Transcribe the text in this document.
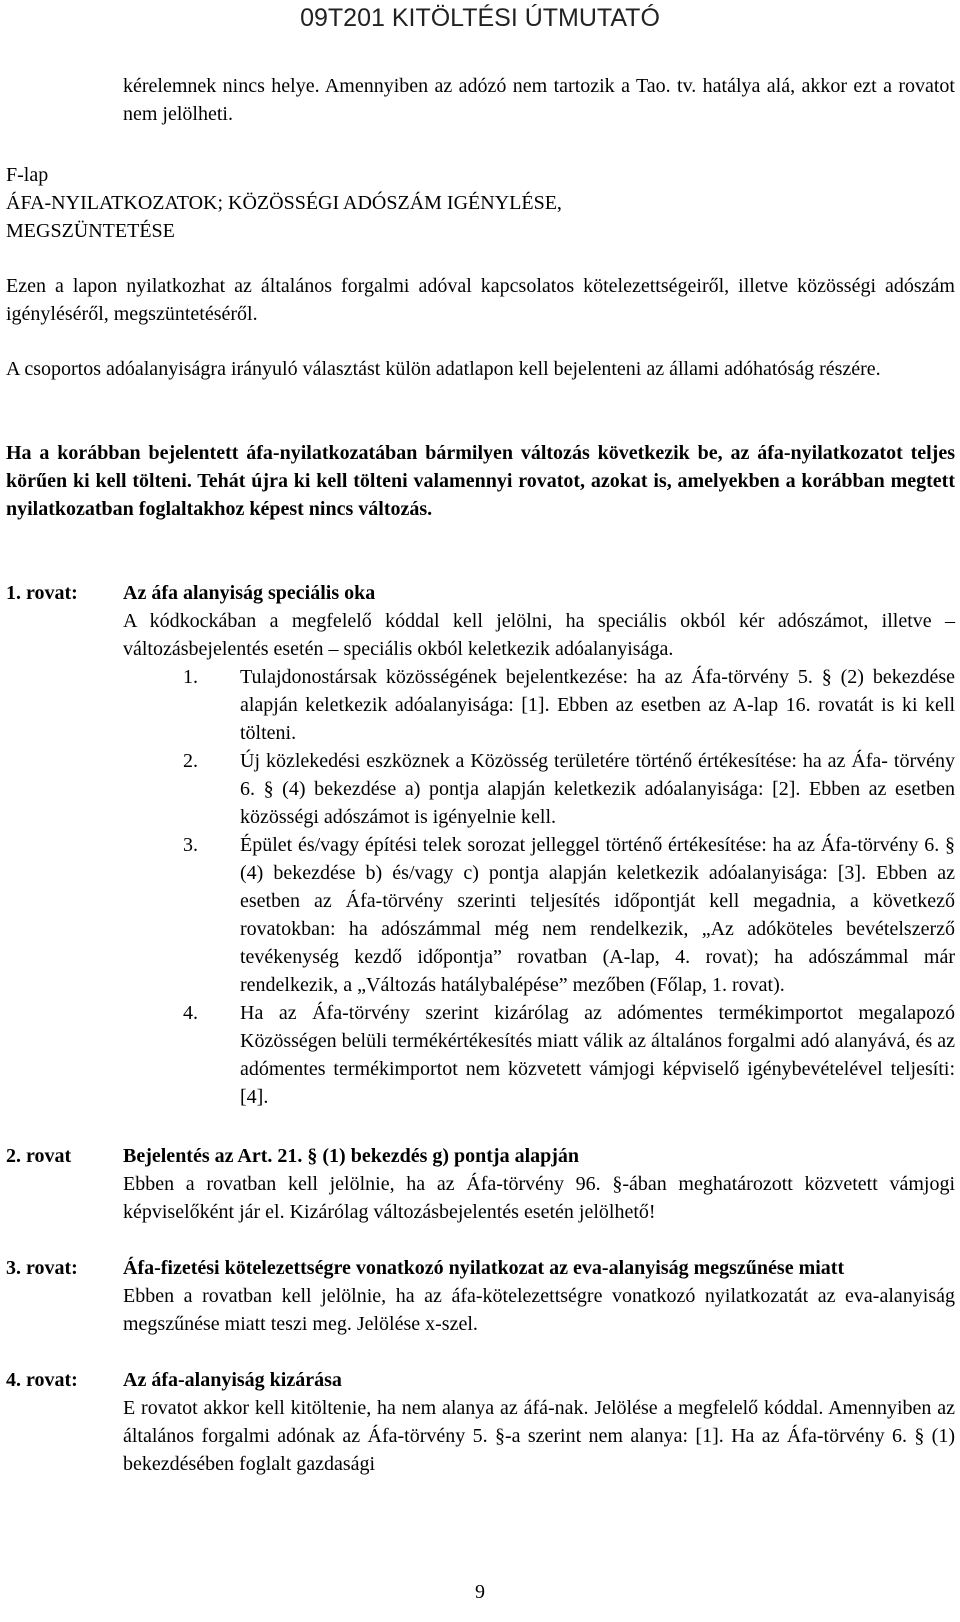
09T201 KITÖLTÉSI ÚTMUTATÓ

kérelemnek nincs helye. Amennyiben az adózó nem tartozik a Tao. tv. hatálya alá, akkor ezt a rovatot nem jelölheti.

F-lap
ÁFA-NYILATKOZATOK; KÖZÖSSÉGI ADÓSZÁM IGÉNYLÉSE,
MEGSZÜNTETÉSE

Ezen a lapon nyilatkozhat az általános forgalmi adóval kapcsolatos kötelezettségeiről, illetve közösségi adószám igényléséről, megszüntetéséről.

A csoportos adóalanyiságra irányuló választást külön adatlapon kell bejelenteni az állami adóhatóság részére.

Ha a korábban bejelentett áfa-nyilatkozatában bármilyen változás következik be, az áfa-nyilatkozatot teljes körűen ki kell tölteni. Tehát újra ki kell tölteni valamennyi rovatot, azokat is, amelyekben a korábban megtett nyilatkozatban foglaltakhoz képest nincs változás.

1. rovat: Az áfa alanyiság speciális oka

A kódkockában a megfelelő kóddal kell jelölni, ha speciális okból kér adószámot, illetve – változásbejelentés esetén – speciális okból keletkezik adóalanyisága.

1.	Tulajdonostársak közösségének bejelentkezése: ha az Áfa-törvény 5. § (2) bekezdése alapján keletkezik adóalanyisága: [1]. Ebben az esetben az A-lap 16. rovatát is ki kell tölteni.

2.	Új közlekedési eszköznek a Közösség területére történő értékesítése: ha az Áfa- törvény 6. § (4) bekezdése a) pontja alapján keletkezik adóalanyisága: [2]. Ebben az esetben közösségi adószámot is igényelnie kell.

3.	Épület és/vagy építési telek sorozat jelleggel történő értékesítése: ha az Áfa-törvény 6. § (4) bekezdése b) és/vagy c) pontja alapján keletkezik adóalanyisága: [3]. Ebben az esetben az Áfa-törvény szerinti teljesítés időpontját kell megadnia, a következő rovatokban: ha adószámmal még nem rendelkezik, „Az adóköteles bevételszerző tevékenység kezdő időpontja” rovatban (A-lap, 4. rovat); ha adószámmal már rendelkezik, a „Változás hatálybalépése” mezőben (Főlap, 1. rovat).

4.	Ha az Áfa-törvény szerint kizárólag az adómentes termékimportot megalapozó Közösségen belüli termékértékesítés miatt válik az általános forgalmi adó alanyává, és az adómentes termékimportot nem közvetett vámjogi képviselő igénybevételével teljesíti: [4].

2. rovat	Bejelentés az Art. 21. § (1) bekezdés g) pontja alapján

Ebben a rovatban kell jelölnie, ha az Áfa-törvény 96. §-ában meghatározott közvetett vámjogi képviselőként jár el. Kizárólag változásbejelentés esetén jelölhető!

3. rovat: Áfa-fizetési kötelezettségre vonatkozó nyilatkozat az eva-alanyiság megszűnése miatt

Ebben a rovatban kell jelölnie, ha az áfa-kötelezettségre vonatkozó nyilatkozatát az eva-alanyiság megszűnése miatt teszi meg. Jelölése x-szel.

4. rovat: Az áfa-alanyiság kizárása

E rovatot akkor kell kitöltenie, ha nem alanya az áfá-nak. Jelölése a megfelelő kóddal. Amennyiben az általános forgalmi adónak az Áfa-törvény 5. §-a szerint nem alanya: [1]. Ha az Áfa-törvény 6. § (1) bekezdésében foglalt gazdasági

9
